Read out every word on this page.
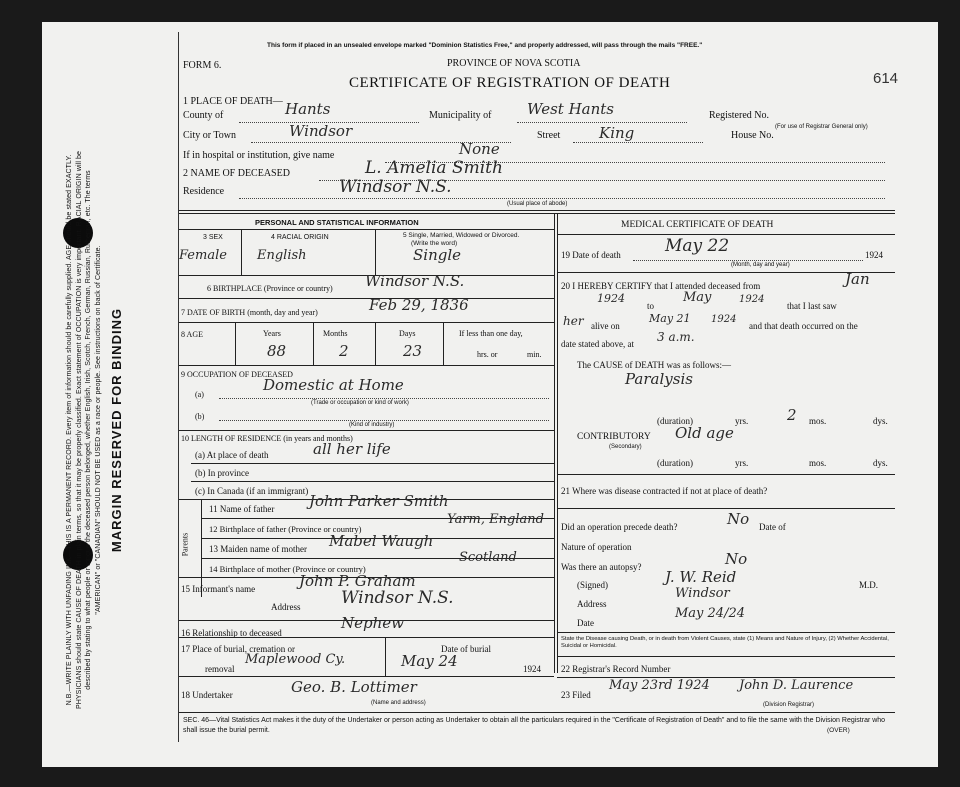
N.B.—WRITE PLAINLY WITH UNFADING INK—THIS IS A PERMANENT RECORD. Every item of information should be carefully supplied. AGE should be stated EXACTLY. PHYSICIANS should state CAUSE OF DEATH in plain terms, so that it may be properly classified. Exact statement of OCCUPATION is very important. RACIAL ORIGIN will be described by stating to what people or tongue the deceased person belonged, whether English, Irish, Scotch, French, German, Russian, Ruthenian, etc. The terms "AMERICAN" or "CANADIAN" SHOULD NOT BE USED as a race or people. See instructions on back of Certificate. MARGIN RESERVED FOR BINDING
This form if placed in an unsealed envelope marked "Dominion Statistics Free," and properly addressed, will pass through the mails "FREE."
FORM 6.	PROVINCE OF NOVA SCOTIA
CERTIFICATE OF REGISTRATION OF DEATH	614
1 PLACE OF DEATH—
County of	Hants	Municipality of West Hants	Registered No.
(For use of Registrar General only)
City or Town	Windsor	Street	King	House No.
If in hospital or institution, give name	None
2 NAME OF DECEASED	L. Amelia Smith
Residence	Windsor N.S.
(Usual place of abode)
PERSONAL AND STATISTICAL INFORMATION
3 SEX	4 RACIAL ORIGIN	5 Single, Married, Widowed or Divorced.
(Write the word)
Female English	Single
6 BIRTHPLACE (Province or country) Windsor N.S.
7 DATE OF BIRTH (month, day and year)	Feb 29, 1836
8 AGE	Years	Months	Days
88	2	23
If less than one day,
hrs. or	min.
9 OCCUPATION OF DECEASED
(a)
Domestic at Home
(Trade or occupation or kind of work)
(b)
(Kind of industry)
10 LENGTH OF RESIDENCE (in years and months)
(a) At place of death	all her life
(b) In province
(c) In Canada (if an immigrant)
Parents
11 Name of father John Parker Smith
12 Birthplace of father (Province or country)
Yarm, England
13 Maiden name of mother Mabel Waugh
14 Birthplace of mother (Province or country)
Scotland
15 Informant's name	John P. Graham
Address Windsor N.S.
16 Relationship to deceased
Nephew
17 Place of burial, cremation or
removal
Maplewood Cy.
Date of burial
May 24	1924
18 Undertaker	Geo. B. Lottimer
(Name and address)
MEDICAL CERTIFICATE OF DEATH
19 Date of death	May 22	1924
(Month, day and year)
20 I HEREBY CERTIFY that I attended deceased from	Jan
1924
to
May	1924
that I last saw
her alive on
May 21 1924
and that death occurred on the
date stated above, at 3 a.m.
The CAUSE of DEATH was as follows:—
Paralysis
(duration)	yrs.	2 mos.	dys.
CONTRIBUTORY
(Secondary)
Old age
(duration)	yrs.	mos.	dys.
21 Where was disease contracted if not at place of death?
Did an operation precede death?	No Date of
Nature of operation
Was there an autopsy?	No
(Signed)	J. W. Reid	M.D.
Address
Windsor
Date
May 24/24
State the Disease causing Death, or in death from Violent Causes, state (1) Means and Nature of Injury, (2) Whether Accidental, Suicidal or Homicidal.
22 Registrar's Record Number
23 Filed
May 23rd 1924 John D. Laurence
(Division Registrar)
SEC. 46—Vital Statistics Act makes it the duty of the Undertaker or person acting as Undertaker to obtain all the particulars required in the "Certificate of Registration of Death" and to file the same with the Division Registrar who shall issue the burial permit.	(OVER)
